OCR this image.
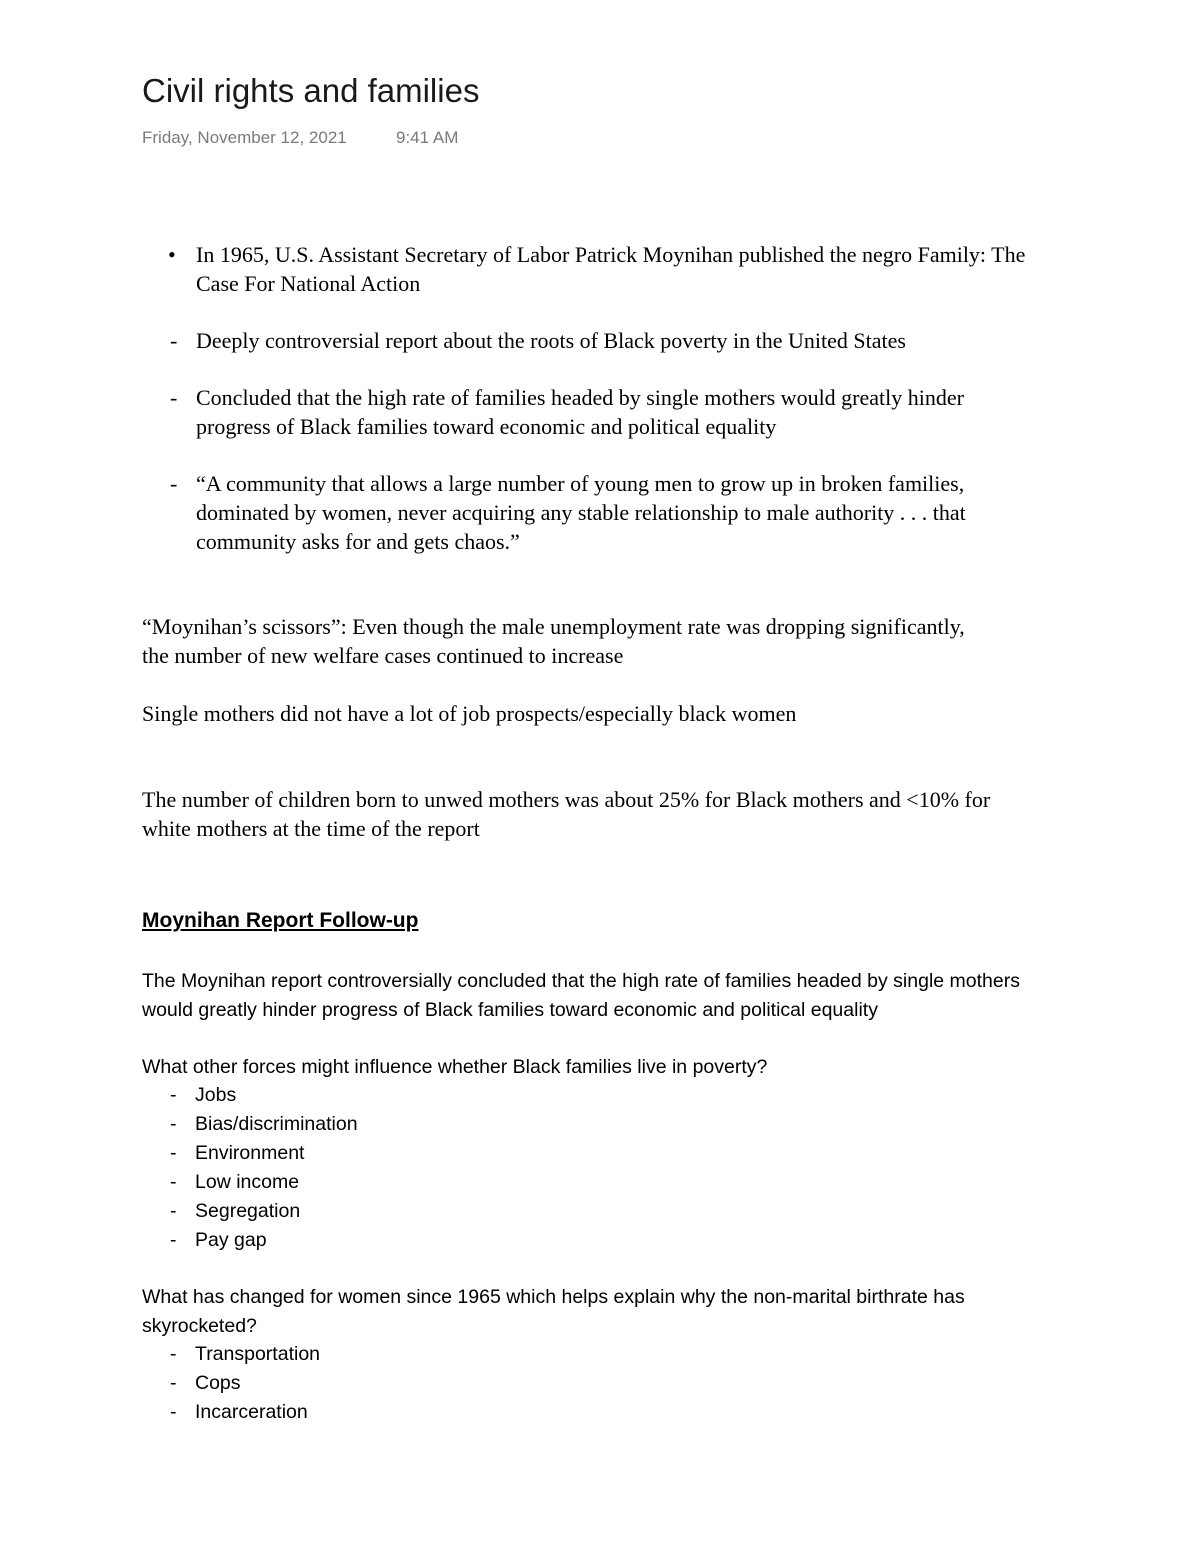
Civil rights and families
Friday, November 12, 2021	9:41 AM
• In 1965, U.S. Assistant Secretary of Labor Patrick Moynihan published the negro Family: The Case For National Action
- Deeply controversial report about the roots of Black poverty in the United States
- Concluded that the high rate of families headed by single mothers would greatly hinder progress of Black families toward economic and political equality
- “A community that allows a large number of young men to grow up in broken families, dominated by women, never acquiring any stable relationship to male authority . . . that community asks for and gets chaos.”
“Moynihan’s scissors”: Even though the male unemployment rate was dropping significantly, the number of new welfare cases continued to increase
Single mothers did not have a lot of job prospects/especially black women
The number of children born to unwed mothers was about 25% for Black mothers and <10% for white mothers at the time of the report
Moynihan Report Follow-up
The Moynihan report controversially concluded that the high rate of families headed by single mothers would greatly hinder progress of Black families toward economic and political equality
What other forces might influence whether Black families live in poverty?
- Jobs
- Bias/discrimination
- Environment
- Low income
- Segregation
- Pay gap
What has changed for women since 1965 which helps explain why the non-marital birthrate has skyrocketed?
- Transportation
- Cops
- Incarceration
